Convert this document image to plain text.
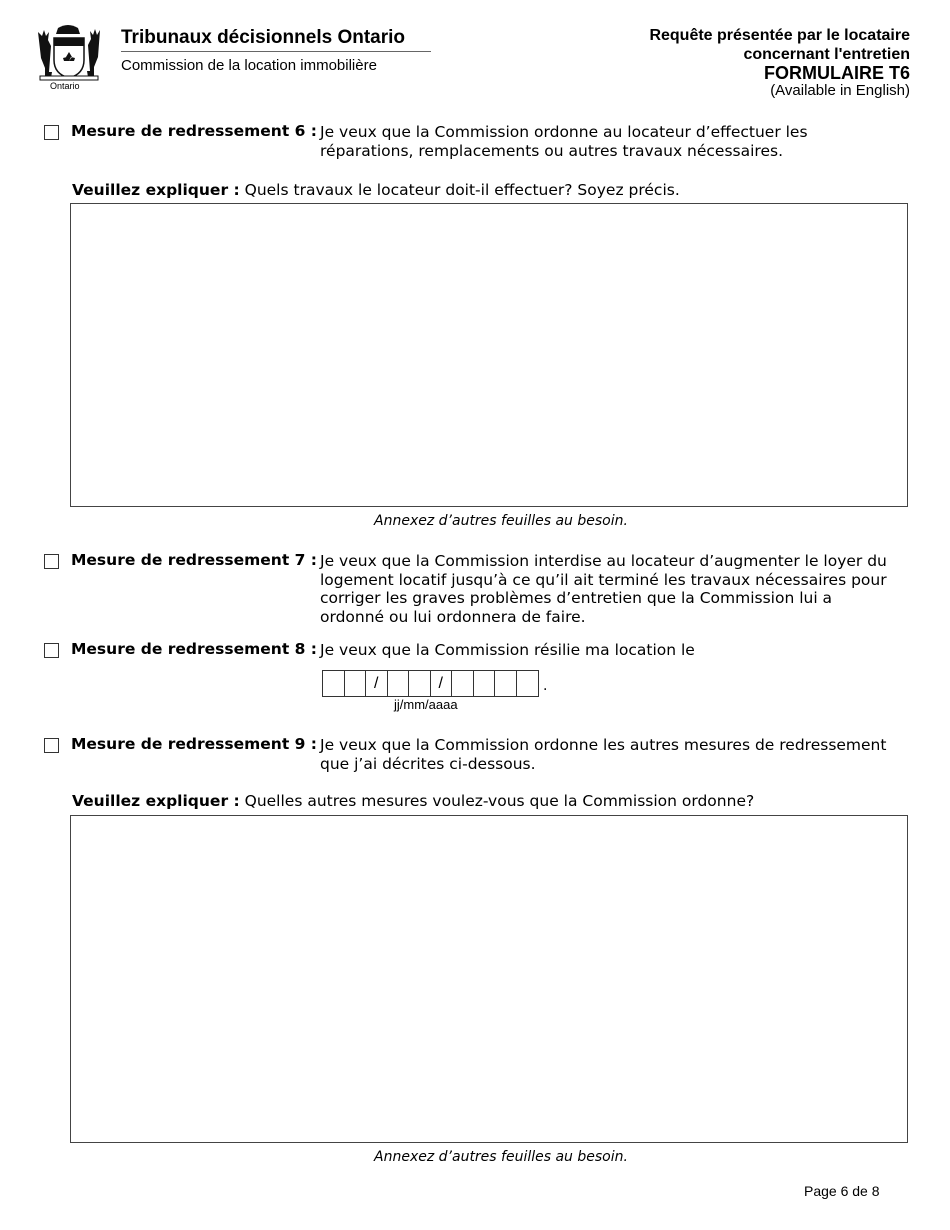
Ontario
Tribunaux décisionnels Ontario
Commission de la location immobilière
Requête présentée par le locataire
concernant l'entretien
FORMULAIRE T6
(Available in English)
Mesure de redressement 6 : Je veux que la Commission ordonne au locateur d’effectuer les réparations, remplacements ou autres travaux nécessaires.
Veuillez expliquer : Quels travaux le locateur doit-il effectuer? Soyez précis.
Annexez d’autres feuilles au besoin.
Mesure de redressement 7 : Je veux que la Commission interdise au locateur d’augmenter le loyer du logement locatif jusqu’à ce qu’il ait terminé les travaux nécessaires pour corriger les graves problèmes d’entretien que la Commission lui a ordonné ou lui ordonnera de faire.
Mesure de redressement 8 : Je veux que la Commission résilie ma location le
/	/	.
jj/mm/aaaa
Mesure de redressement 9 : Je veux que la Commission ordonne les autres mesures de redressement que j’ai décrites ci-dessous.
Veuillez expliquer : Quelles autres mesures voulez-vous que la Commission ordonne?
Annexez d’autres feuilles au besoin.
Page 6 de 8
